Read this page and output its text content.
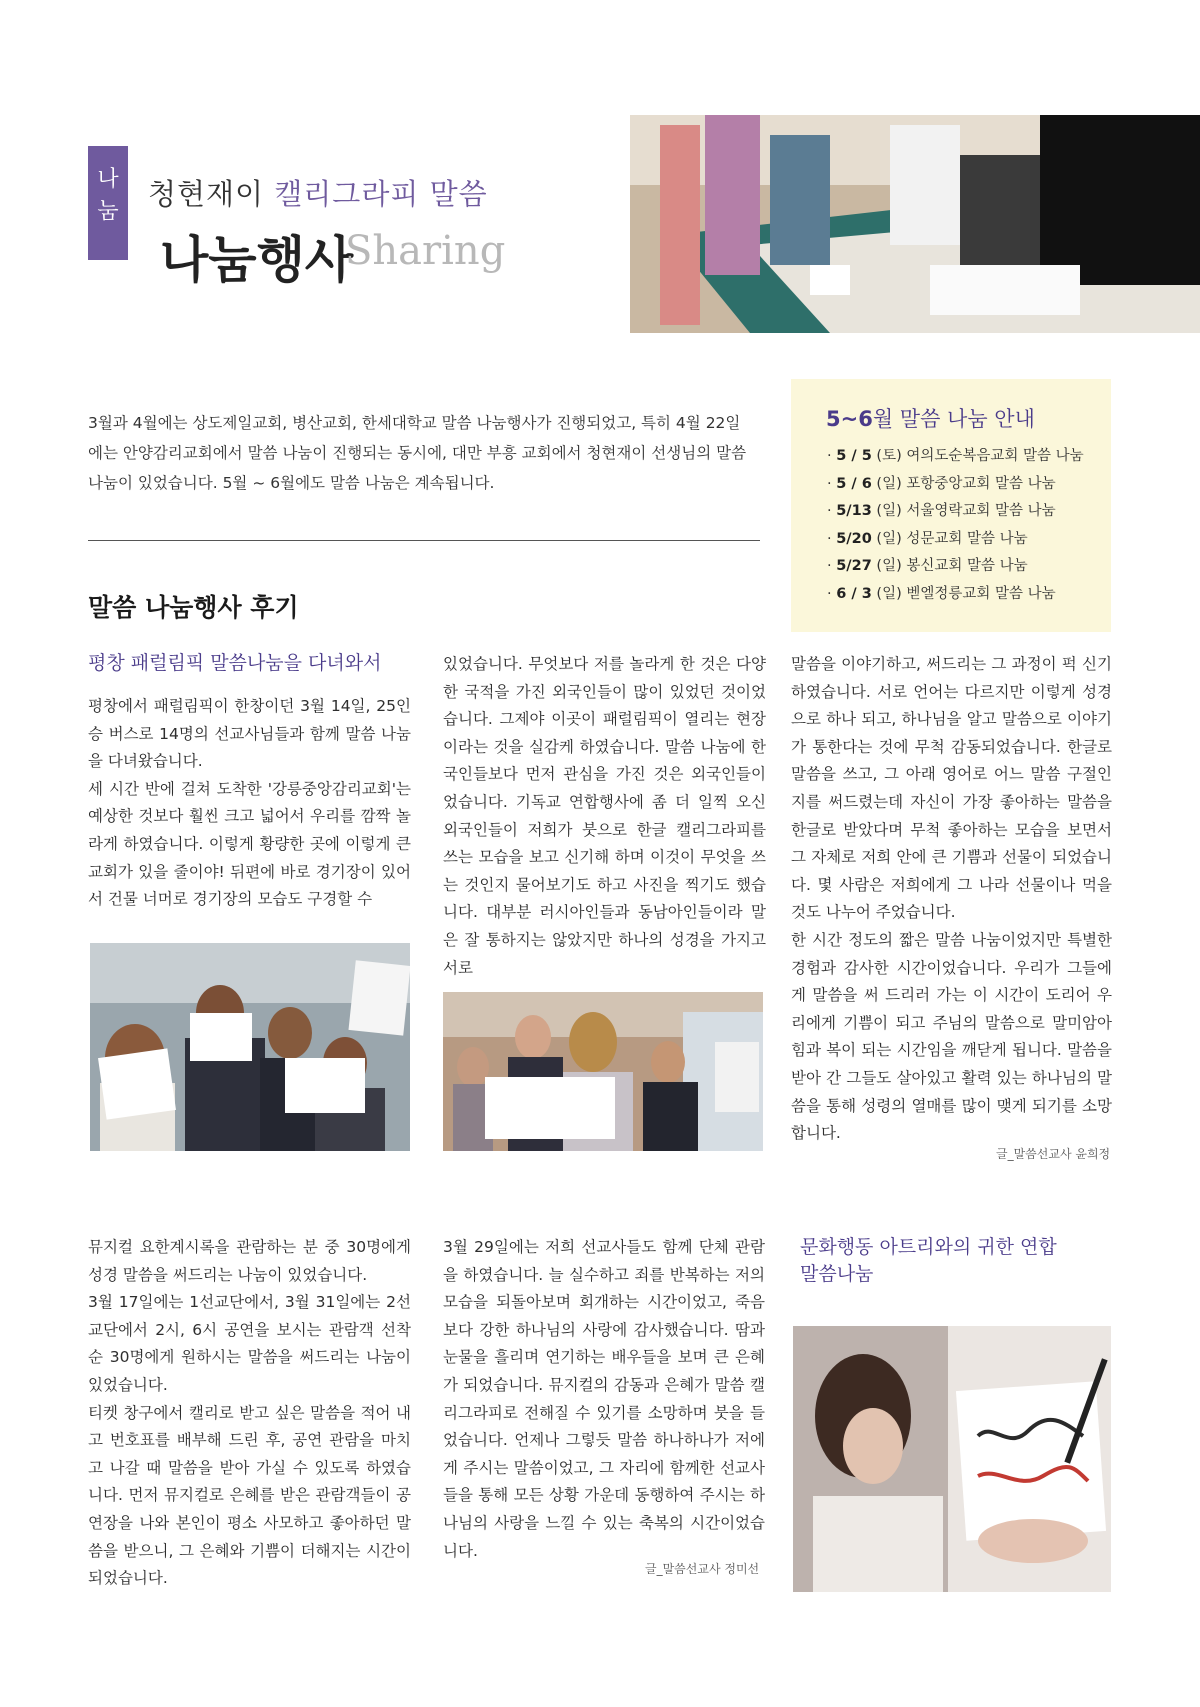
나
눔
청현재이 캘리그라피 말씀
나눔행사
Sharing
3월과 4월에는 상도제일교회, 병산교회, 한세대학교 말씀 나눔행사가 진행되었고, 특히 4월 22일에는 안양감리교회에서 말씀 나눔이 진행되는 동시에, 대만 부흥 교회에서 청현재이 선생님의 말씀 나눔이 있었습니다. 5월 ~ 6월에도 말씀 나눔은 계속됩니다.
5~6월 말씀 나눔 안내
· 5 / 5 (토) 여의도순복음교회 말씀 나눔
· 5 / 6 (일) 포항중앙교회 말씀 나눔
· 5/13 (일) 서울영락교회 말씀 나눔
· 5/20 (일) 성문교회 말씀 나눔
· 5/27 (일) 봉신교회 말씀 나눔
· 6 / 3 (일) 벧엘정릉교회 말씀 나눔
말씀 나눔행사 후기
평창 패럴림픽 말씀나눔을 다녀와서

평창에서 패럴림픽이 한창이던 3월 14일, 25인승 버스로 14명의 선교사님들과 함께 말씀 나눔을 다녀왔습니다.

세 시간 반에 걸쳐 도착한 '강릉중앙감리교회'는 예상한 것보다 훨씬 크고 넓어서 우리를 깜짝 놀라게 하였습니다. 이렇게 황량한 곳에 이렇게 큰 교회가 있을 줄이야! 뒤편에 바로 경기장이 있어서 건물 너머로 경기장의 모습도 구경할 수

있었습니다. 무엇보다 저를 놀라게 한 것은 다양한 국적을 가진 외국인들이 많이 있었던 것이었습니다. 그제야 이곳이 패럴림픽이 열리는 현장이라는 것을 실감케 하였습니다. 말씀 나눔에 한국인들보다 먼저 관심을 가진 것은 외국인들이었습니다. 기독교 연합행사에 좀 더 일찍 오신 외국인들이 저희가 붓으로 한글 캘리그라피를 쓰는 모습을 보고 신기해 하며 이것이 무엇을 쓰는 것인지 물어보기도 하고 사진을 찍기도 했습니다. 대부분 러시아인들과 동남아인들이라 말은 잘 통하지는 않았지만 하나의 성경을 가지고 서로

말씀을 이야기하고, 써드리는 그 과정이 퍽 신기하였습니다. 서로 언어는 다르지만 이렇게 성경으로 하나 되고, 하나님을 알고 말씀으로 이야기가 통한다는 것에 무척 감동되었습니다. 한글로 말씀을 쓰고, 그 아래 영어로 어느 말씀 구절인지를 써드렸는데 자신이 가장 좋아하는 말씀을 한글로 받았다며 무척 좋아하는 모습을 보면서 그 자체로 저희 안에 큰 기쁨과 선물이 되었습니다. 몇 사람은 저희에게 그 나라 선물이나 먹을 것도 나누어 주었습니다.

한 시간 정도의 짧은 말씀 나눔이었지만 특별한 경험과 감사한 시간이었습니다. 우리가 그들에게 말씀을 써 드리러 가는 이 시간이 도리어 우리에게 기쁨이 되고 주님의 말씀으로 말미암아 힘과 복이 되는 시간임을 깨닫게 됩니다. 말씀을 받아 간 그들도 살아있고 활력 있는 하나님의 말씀을 통해 성령의 열매를 많이 맺게 되기를 소망합니다.

글_말씀선교사 윤희정

뮤지컬 요한계시록을 관람하는 분 중 30명에게 성경 말씀을 써드리는 나눔이 있었습니다.

3월 17일에는 1선교단에서, 3월 31일에는 2선교단에서 2시, 6시 공연을 보시는 관람객 선착순 30명에게 원하시는 말씀을 써드리는 나눔이 있었습니다.

티켓 창구에서 캘리로 받고 싶은 말씀을 적어 내고 번호표를 배부해 드린 후, 공연 관람을 마치고 나갈 때 말씀을 받아 가실 수 있도록 하였습니다. 먼저 뮤지컬로 은혜를 받은 관람객들이 공연장을 나와 본인이 평소 사모하고 좋아하던 말씀을 받으니, 그 은혜와 기쁨이 더해지는 시간이 되었습니다.

3월 29일에는 저희 선교사들도 함께 단체 관람을 하였습니다. 늘 실수하고 죄를 반복하는 저의 모습을 되돌아보며 회개하는 시간이었고, 죽음 보다 강한 하나님의 사랑에 감사했습니다. 땀과 눈물을 흘리며 연기하는 배우들을 보며 큰 은혜가 되었습니다. 뮤지컬의 감동과 은혜가 말씀 캘리그라피로 전해질 수 있기를 소망하며 붓을 들었습니다. 언제나 그렇듯 말씀 하나하나가 저에게 주시는 말씀이었고, 그 자리에 함께한 선교사들을 통해 모든 상황 가운데 동행하여 주시는 하나님의 사랑을 느낄 수 있는 축복의 시간이었습니다.
글_말씀선교사 정미선
문화행동 아트리와의 귀한 연합
말씀나눔
